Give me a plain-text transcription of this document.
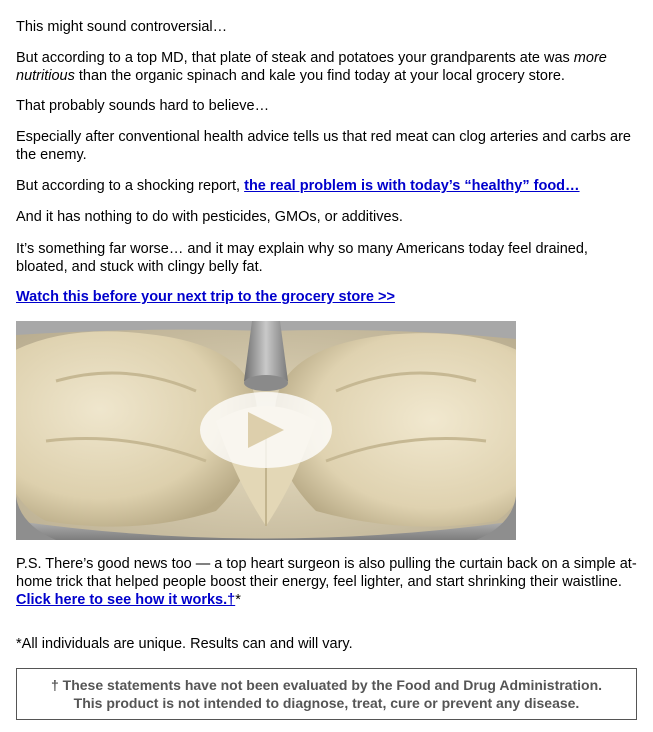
This might sound controversial…

But according to a top MD, that plate of steak and potatoes your grandparents ate was more nutritious than the organic spinach and kale you find today at your local grocery store.

That probably sounds hard to believe…

Especially after conventional health advice tells us that red meat can clog arteries and carbs are the enemy.

But according to a shocking report, the real problem is with today’s “healthy” food…

And it has nothing to do with pesticides, GMOs, or additives.

It’s something far worse… and it may explain why so many Americans today feel drained, bloated, and stuck with clingy belly fat.

Watch this before your next trip to the grocery store >>

P.S. There’s good news too — a top heart surgeon is also pulling the curtain back on a simple at-home trick that helped people boost their energy, feel lighter, and start shrinking their waistline. Click here to see how it works.†*

*All individuals are unique. Results can and will vary.

† These statements have not been evaluated by the Food and Drug Administration.
This product is not intended to diagnose, treat, cure or prevent any disease.
